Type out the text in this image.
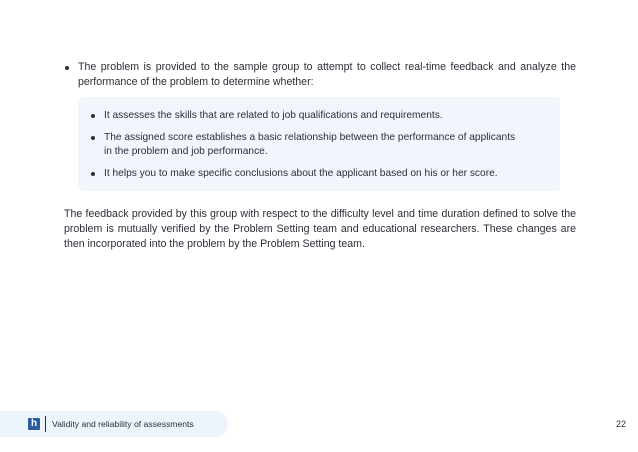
The problem is provided to the sample group to attempt to collect real-time feedback and analyze the performance of the problem to determine whether:
It assesses the skills that are related to job qualifications and requirements.
The assigned score establishes a basic relationship between the performance of applicants in the problem and job performance.
It helps you to make specific conclusions about the applicant based on his or her score.

The feedback provided by this group with respect to the difficulty level and time duration defined to solve the problem is mutually verified by the Problem Setting team and educational researchers. These changes are then incorporated into the problem by the Problem Setting team.

h	Validity and reliability of assessments	22
